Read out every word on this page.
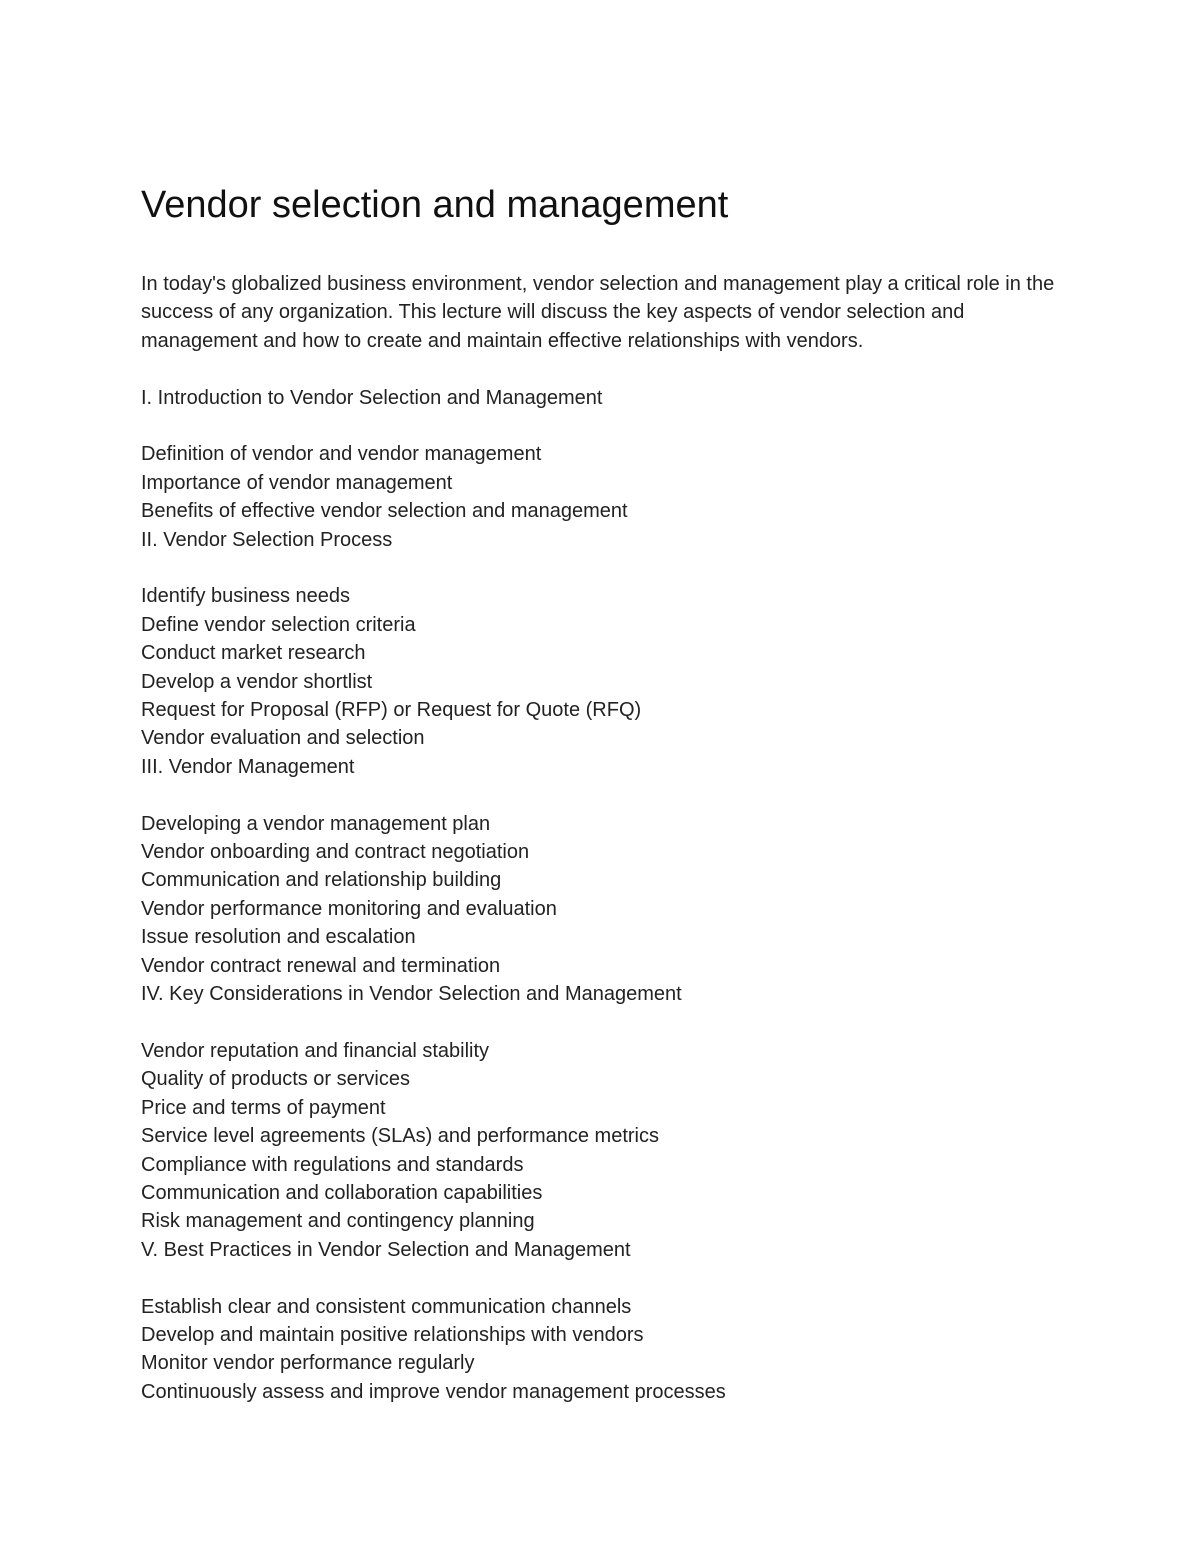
Vendor selection and management

In today's globalized business environment, vendor selection and management play a critical role in the success of any organization. This lecture will discuss the key aspects of vendor selection and management and how to create and maintain effective relationships with vendors.

I. Introduction to Vendor Selection and Management
Definition of vendor and vendor management
Importance of vendor management
Benefits of effective vendor selection and management
II. Vendor Selection Process
Identify business needs
Define vendor selection criteria
Conduct market research
Develop a vendor shortlist
Request for Proposal (RFP) or Request for Quote (RFQ)
Vendor evaluation and selection
III. Vendor Management
Developing a vendor management plan
Vendor onboarding and contract negotiation
Communication and relationship building
Vendor performance monitoring and evaluation
Issue resolution and escalation
Vendor contract renewal and termination
IV. Key Considerations in Vendor Selection and Management
Vendor reputation and financial stability
Quality of products or services
Price and terms of payment
Service level agreements (SLAs) and performance metrics
Compliance with regulations and standards
Communication and collaboration capabilities
Risk management and contingency planning
V. Best Practices in Vendor Selection and Management
Establish clear and consistent communication channels
Develop and maintain positive relationships with vendors
Monitor vendor performance regularly
Continuously assess and improve vendor management processes
